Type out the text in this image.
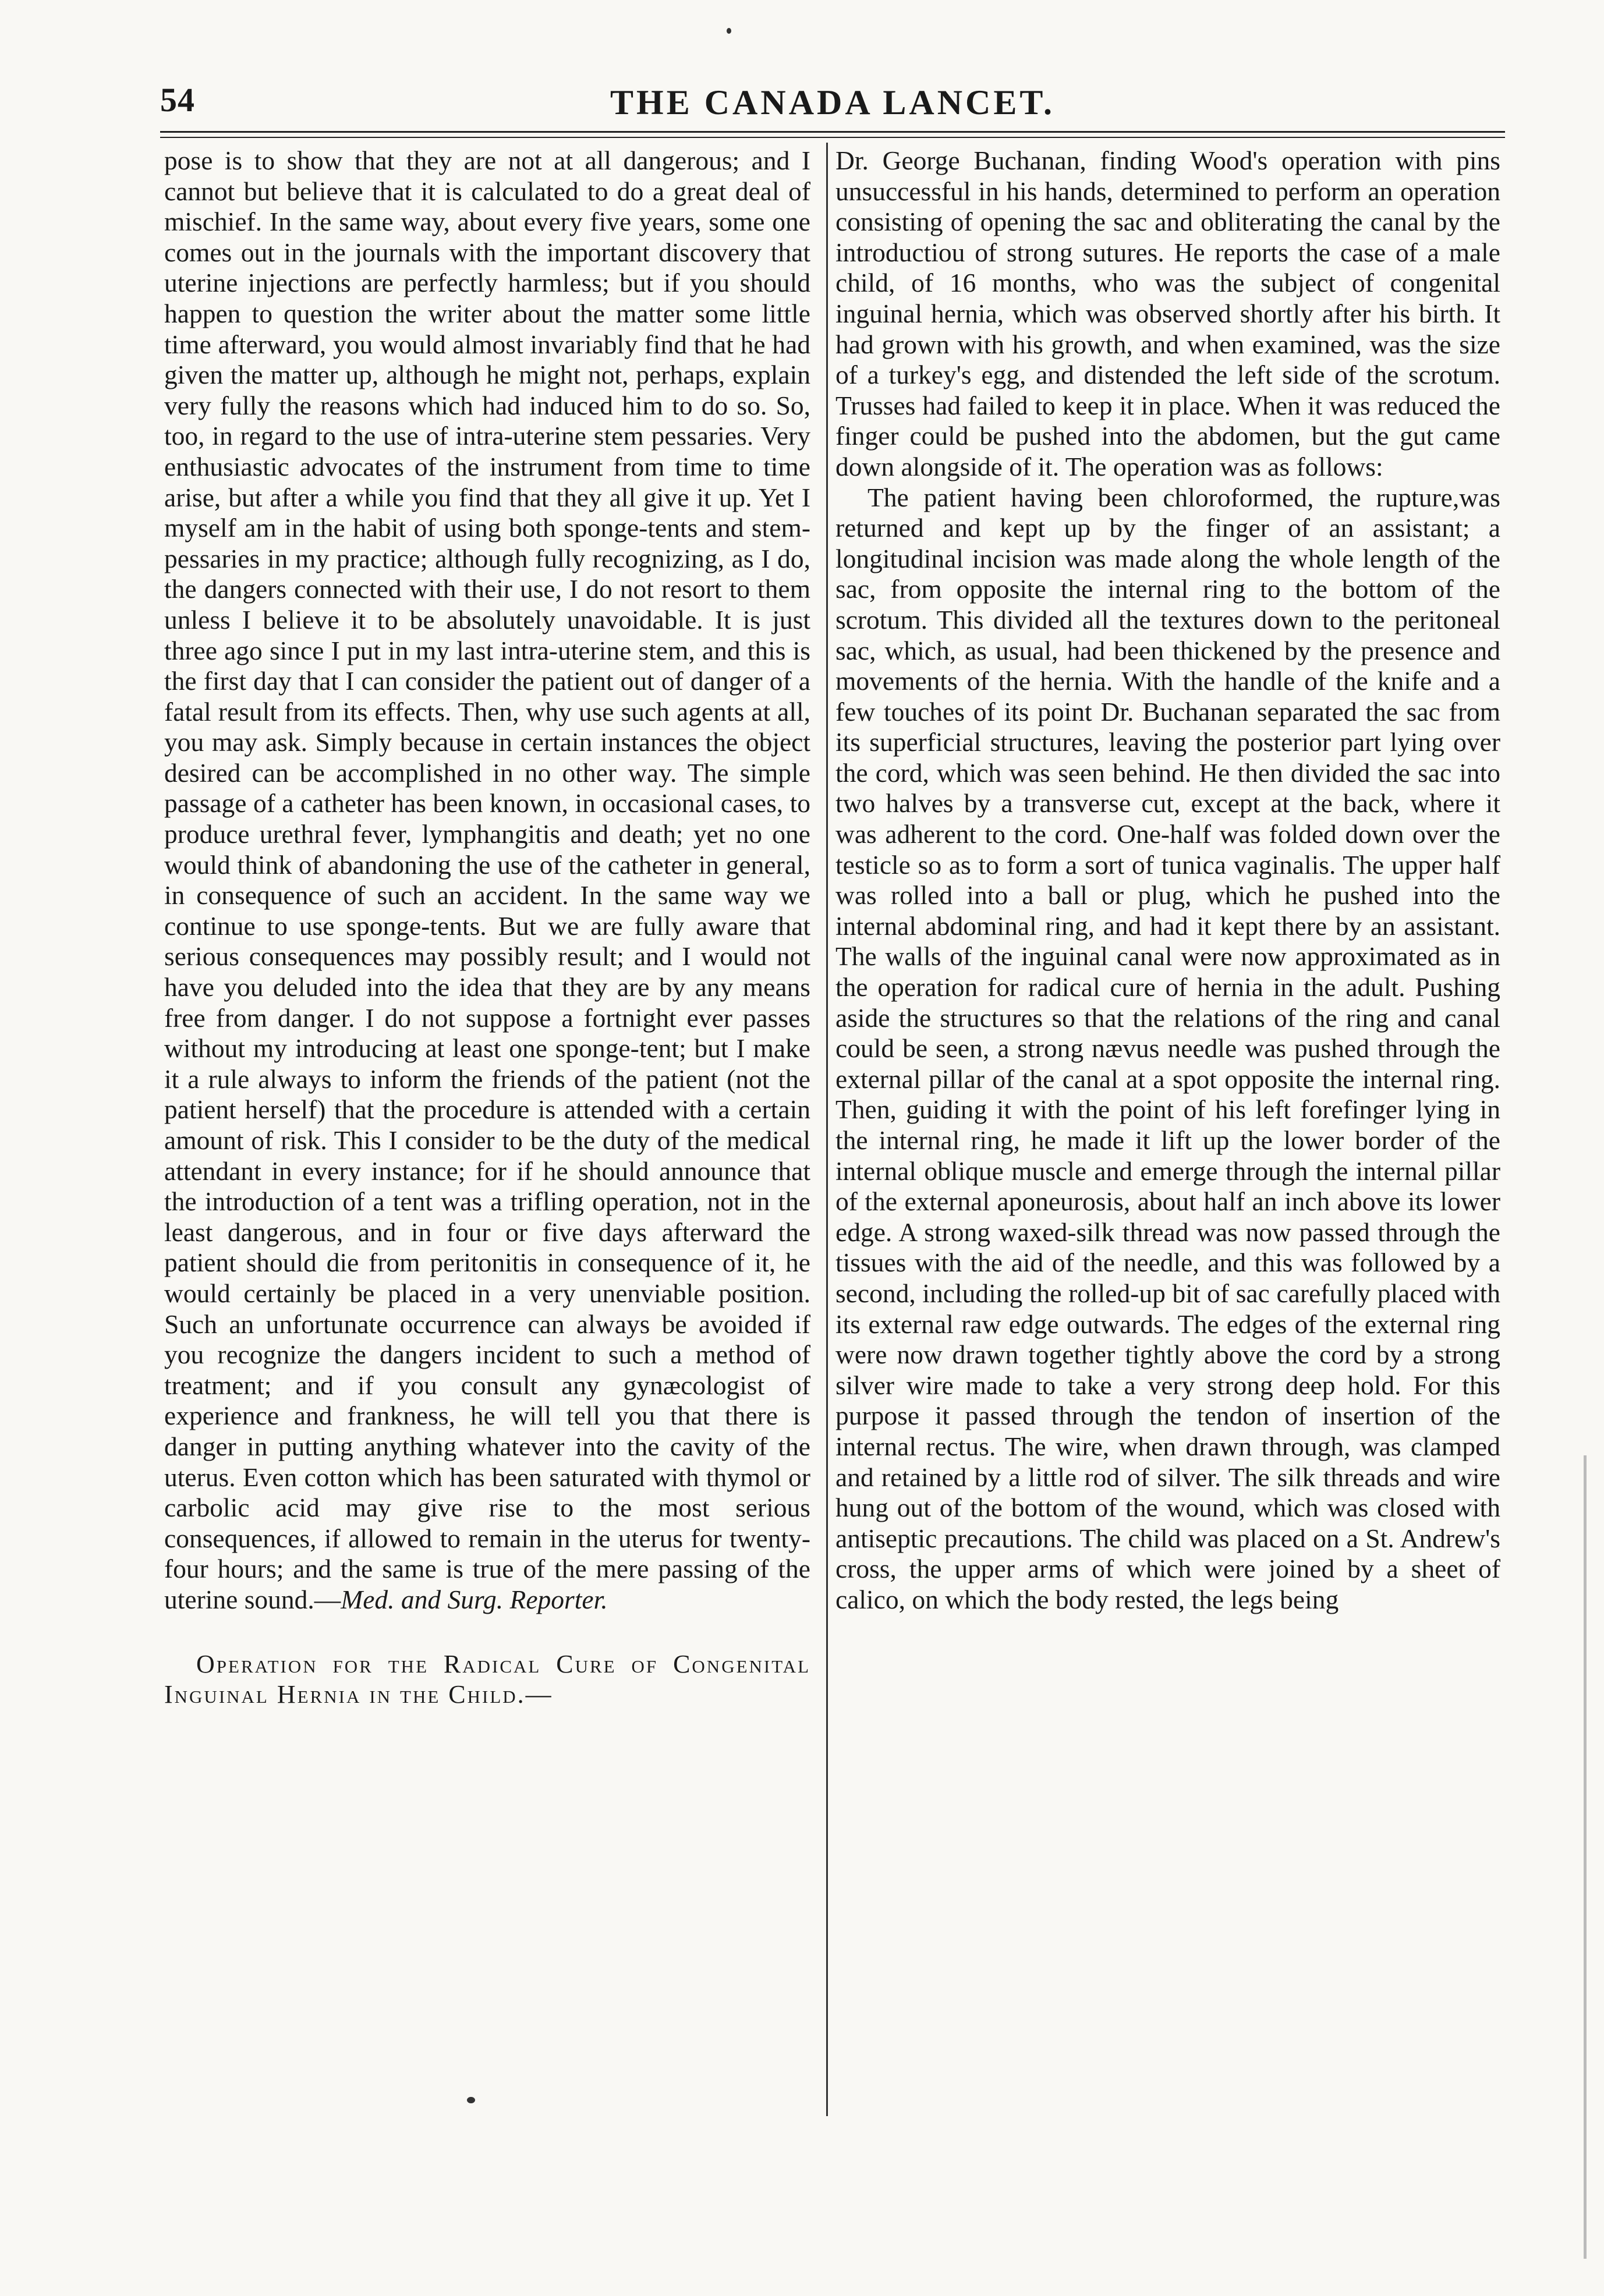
54	THE CANADA LANCET.

pose is to show that they are not at all dangerous; and I cannot but believe that it is calculated to do a great deal of mischief. In the same way, about every five years, some one comes out in the journals with the important discovery that uterine injections are perfectly harmless; but if you should happen to question the writer about the matter some little time afterward, you would almost invariably find that he had given the matter up, although he might not, perhaps, explain very fully the reasons which had induced him to do so. So, too, in regard to the use of intra-uterine stem pessaries. Very enthusiastic advocates of the instrument from time to time arise, but after a while you find that they all give it up. Yet I myself am in the habit of using both sponge-tents and stem-pessaries in my practice; although fully recognizing, as I do, the dangers connected with their use, I do not resort to them unless I believe it to be absolutely unavoidable. It is just three ago since I put in my last intra-uterine stem, and this is the first day that I can consider the patient out of danger of a fatal result from its effects. Then, why use such agents at all, you may ask. Simply because in certain instances the object desired can be accomplished in no other way. The simple passage of a catheter has been known, in occasional cases, to produce urethral fever, lymphangitis and death; yet no one would think of abandoning the use of the catheter in general, in consequence of such an accident. In the same way we continue to use sponge-tents. But we are fully aware that serious consequences may possibly result; and I would not have you deluded into the idea that they are by any means free from danger. I do not suppose a fortnight ever passes without my introducing at least one sponge-tent; but I make it a rule always to inform the friends of the patient (not the patient herself) that the procedure is attended with a certain amount of risk. This I consider to be the duty of the medical attendant in every instance; for if he should announce that the introduction of a tent was a trifling operation, not in the least dangerous, and in four or five days afterward the patient should die from peritonitis in consequence of it, he would certainly be placed in a very unenviable position. Such an unfortunate occurrence can always be avoided if you recognize the dangers incident to such a method of treatment; and if you consult any gynæcologist of experience and frankness, he will tell you that there is danger in putting anything whatever into the cavity of the uterus. Even cotton which has been saturated with thymol or carbolic acid may give rise to the most serious consequences, if allowed to remain in the uterus for twenty-four hours; and the same is true of the mere passing of the uterine sound.—Med. and Surg. Reporter.

Operation for the Radical Cure of Congenital Inguinal Hernia in the Child.—

Dr. George Buchanan, finding Wood's operation with pins unsuccessful in his hands, determined to perform an operation consisting of opening the sac and obliterating the canal by the introductiou of strong sutures. He reports the case of a male child, of 16 months, who was the subject of congenital inguinal hernia, which was observed shortly after his birth. It had grown with his growth, and when examined, was the size of a turkey's egg, and distended the left side of the scrotum. Trusses had failed to keep it in place. When it was reduced the finger could be pushed into the abdomen, but the gut came down alongside of it. The operation was as follows:

The patient having been chloroformed, the rupture,was returned and kept up by the finger of an assistant; a longitudinal incision was made along the whole length of the sac, from opposite the internal ring to the bottom of the scrotum. This divided all the textures down to the peritoneal sac, which, as usual, had been thickened by the presence and movements of the hernia. With the handle of the knife and a few touches of its point Dr. Buchanan separated the sac from its superficial structures, leaving the posterior part lying over the cord, which was seen behind. He then divided the sac into two halves by a transverse cut, except at the back, where it was adherent to the cord. One-half was folded down over the testicle so as to form a sort of tunica vaginalis. The upper half was rolled into a ball or plug, which he pushed into the internal abdominal ring, and had it kept there by an assistant. The walls of the inguinal canal were now approximated as in the operation for radical cure of hernia in the adult. Pushing aside the structures so that the relations of the ring and canal could be seen, a strong nævus needle was pushed through the external pillar of the canal at a spot opposite the internal ring. Then, guiding it with the point of his left forefinger lying in the internal ring, he made it lift up the lower border of the internal oblique muscle and emerge through the internal pillar of the external aponeurosis, about half an inch above its lower edge. A strong waxed-silk thread was now passed through the tissues with the aid of the needle, and this was followed by a second, including the rolled-up bit of sac carefully placed with its external raw edge outwards. The edges of the external ring were now drawn together tightly above the cord by a strong silver wire made to take a very strong deep hold. For this purpose it passed through the tendon of insertion of the internal rectus. The wire, when drawn through, was clamped and retained by a little rod of silver. The silk threads and wire hung out of the bottom of the wound, which was closed with antiseptic precautions. The child was placed on a St. Andrew's cross, the upper arms of which were joined by a sheet of calico, on which the body rested, the legs being
